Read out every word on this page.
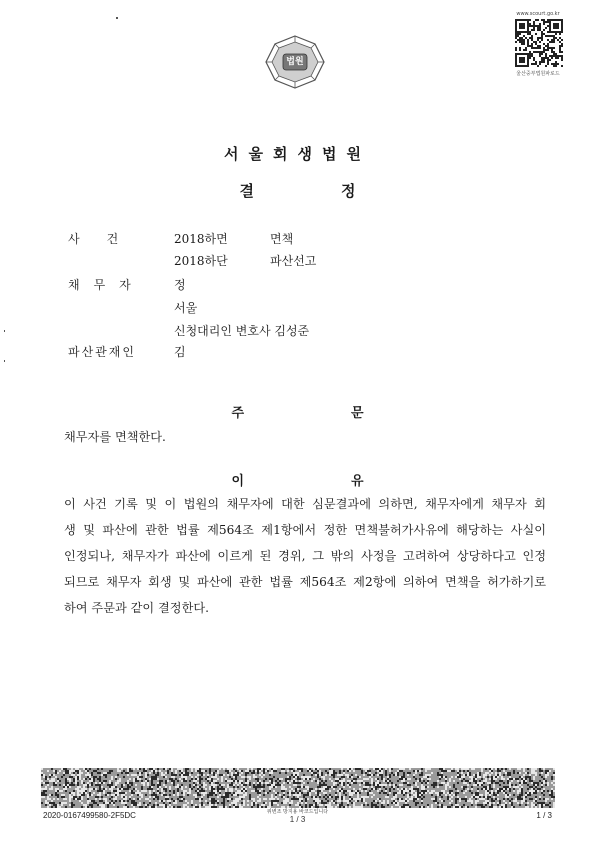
법원
www.scourt.go.kr
울산중부법원파로드
서울회생법원
결	정
사건 2018하면	면책
2018하단	파산선고
채무자 정
서울
신청대리인 변호사 김성준
파산관재인	김
주	문
채무자를 면책한다.
이	유
이 사건 기록 및 이 법원의 채무자에 대한 심문결과에 의하면, 채무자에게 채무자 회
생 및 파산에 관한 법률 제564조 제1항에서 정한 면책불허가사유에 해당하는 사실이
인정되나, 채무자가 파산에 이르게 된 경위, 그 밖의 사정을 고려하여 상당하다고 인정
되므로 채무자 회생 및 파산에 관한 법률 제564조 제2항에 의하여 면책을 허가하기로
하여 주문과 같이 결정한다.
2020-0167499580-2F5DC	위변조 방지용 바코드입니다
1 / 3	1 / 3
